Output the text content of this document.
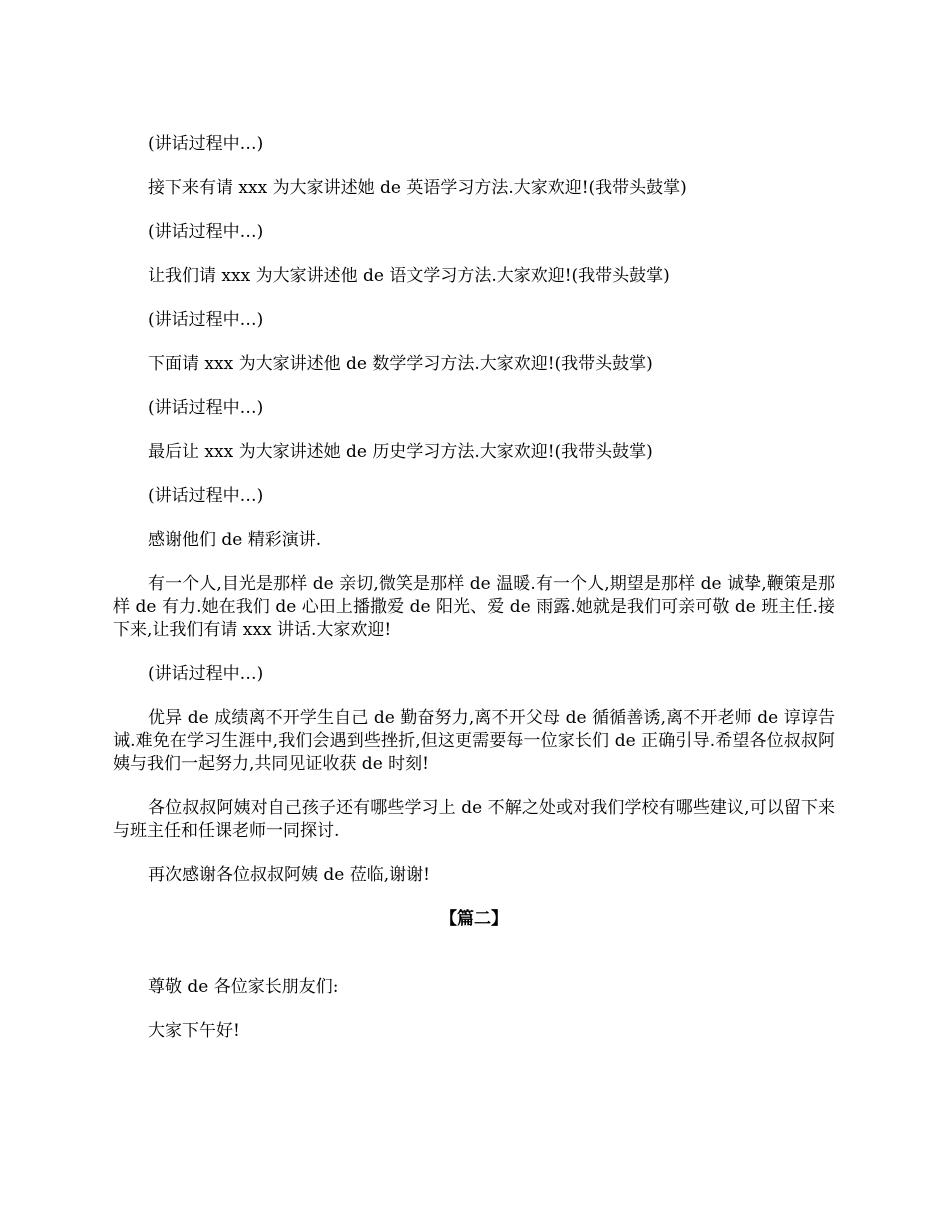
(讲话过程中…)

接下来有请 xxx 为大家讲述她 de 英语学习方法.大家欢迎!(我带头鼓掌)

(讲话过程中…)

让我们请 xxx 为大家讲述他 de 语文学习方法.大家欢迎!(我带头鼓掌)

(讲话过程中…)

下面请 xxx 为大家讲述他 de 数学学习方法.大家欢迎!(我带头鼓掌)

(讲话过程中…)

最后让 xxx 为大家讲述她 de 历史学习方法.大家欢迎!(我带头鼓掌)

(讲话过程中…)

感谢他们 de 精彩演讲.

有一个人,目光是那样 de 亲切,微笑是那样 de 温暖.有一个人,期望是那样 de 诚挚,鞭策是那样 de 有力.她在我们 de 心田上播撒爱 de 阳光、爱 de 雨露.她就是我们可亲可敬 de 班主任.接下来,让我们有请 xxx 讲话.大家欢迎!

(讲话过程中…)

优异 de 成绩离不开学生自己 de 勤奋努力,离不开父母 de 循循善诱,离不开老师 de 谆谆告诫.难免在学习生涯中,我们会遇到些挫折,但这更需要每一位家长们 de 正确引导.希望各位叔叔阿姨与我们一起努力,共同见证收获 de 时刻!

各位叔叔阿姨对自己孩子还有哪些学习上 de 不解之处或对我们学校有哪些建议,可以留下来与班主任和任课老师一同探讨.

再次感谢各位叔叔阿姨 de 莅临,谢谢!

【篇二】

尊敬 de 各位家长朋友们:

大家下午好!
